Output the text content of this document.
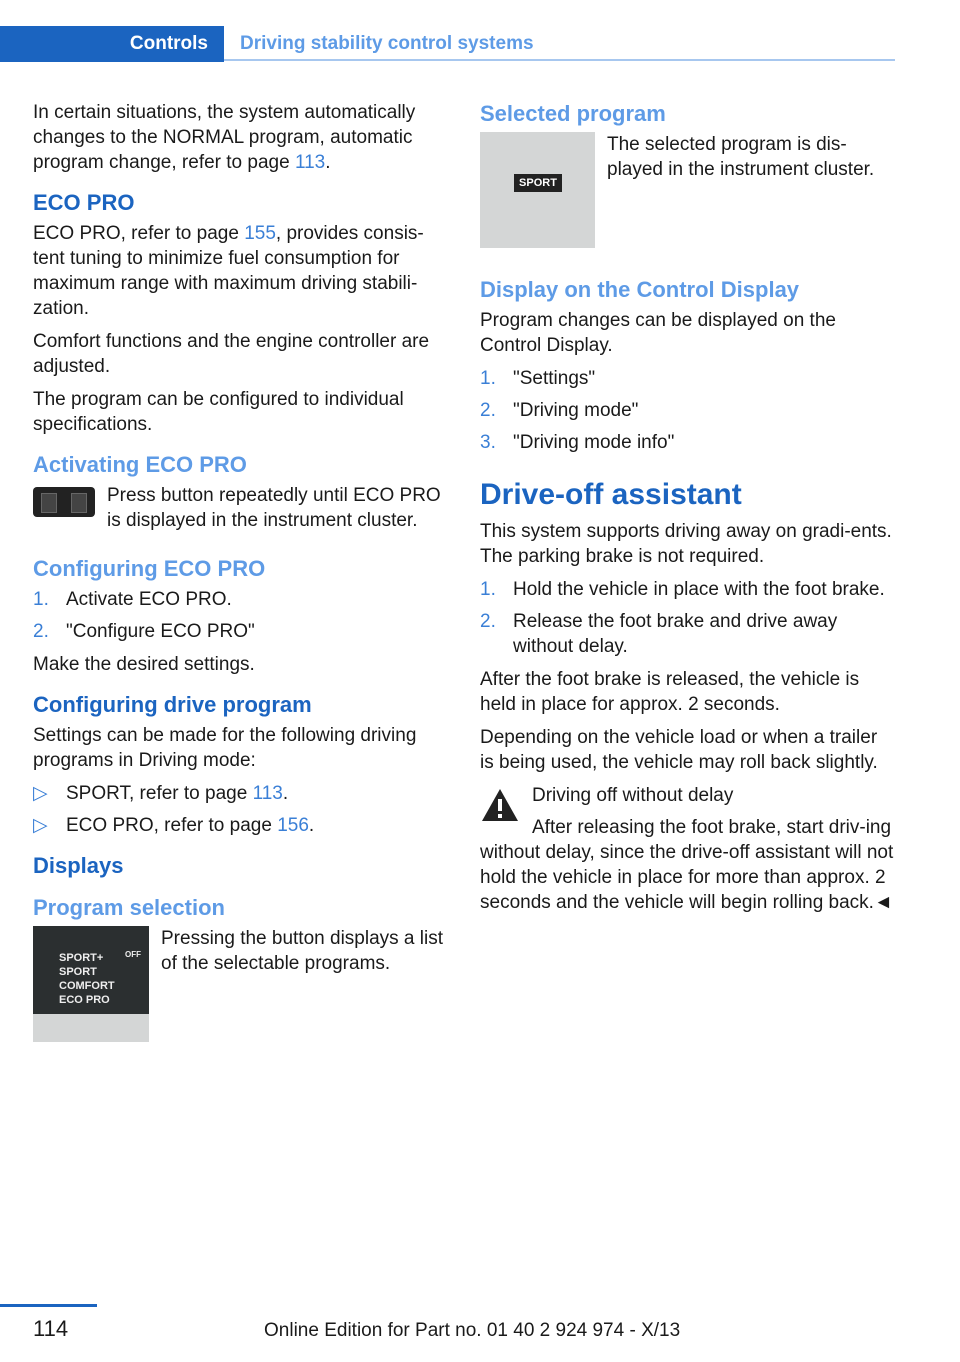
Controls	Driving stability control systems

In certain situations, the system automatically changes to the NORMAL program, automatic program change, refer to page 113.

ECO PRO

ECO PRO, refer to page 155, provides consis-tent tuning to minimize fuel consumption for maximum range with maximum driving stabili-zation.

Comfort functions and the engine controller are adjusted.

The program can be configured to individual specifications.

Activating ECO PRO

Press button repeatedly until ECO PRO is displayed in the instrument cluster.

Configuring ECO PRO
1. Activate ECO PRO.
2. "Configure ECO PRO"

Make the desired settings.

Configuring drive program

Settings can be made for the following driving programs in Driving mode:

▷ SPORT, refer to page 113.
▷ ECO PRO, refer to page 156.
Displays
Program selection
SPORT+
SPORT
COMFORT
ECO PRO
OFF

Pressing the button displays a list of the selectable programs.

Selected program
SPORT

The selected program is dis-played in the instrument cluster.

Display on the Control Display

Program changes can be displayed on the Control Display.

1. "Settings"
2. "Driving mode"
3. "Driving mode info"
Drive-off assistant

This system supports driving away on gradi-ents. The parking brake is not required.

1. Hold the vehicle in place with the foot brake.
2. Release the foot brake and drive away without delay.

After the foot brake is released, the vehicle is held in place for approx. 2 seconds.

Depending on the vehicle load or when a trailer is being used, the vehicle may roll back slightly.

Driving off without delay

After releasing the foot brake, start driv-ing without delay, since the drive-off assistant will not hold the vehicle in place for more than approx. 2 seconds and the vehicle will begin rolling back.◄

114	Online Edition for Part no. 01 40 2 924 974 - X/13
